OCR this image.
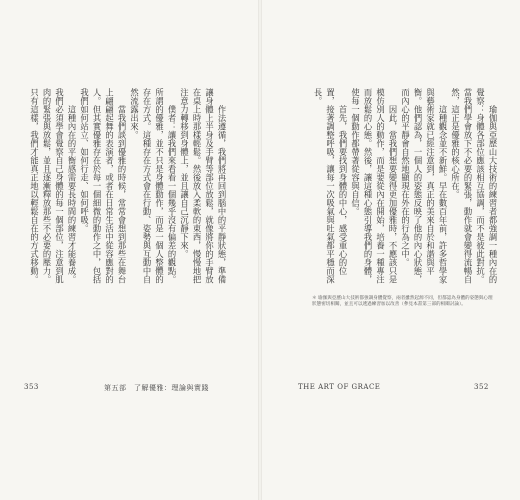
作法遵循，我們將再回到腦中的平靜狀態，準備讓身體上半身及手臂等部位放鬆，就像將你的手臂放在桌上時那樣輕鬆。然後放入柔軟的東西，慢慢地把注意力轉移到身體上，並且讓自己沉靜下來。

僕者：讓我們來看看一個幾乎沒有偏差的觀點。所謂的優雅，並不只是身體動作，而是一個人整體的存在方式。這種存在方式會在行動、姿勢與互動中自然流露出來。

當我們談到優雅的時候，常常會想到那些在舞台上翩翩起舞的表演者，或者在日常生活中從容應對的人。但其實優雅存在於每一個細微的動作之中，包括我們如何站立、如何行走、如何呼吸。

這種內在的平衡感需要長時間的練習才能養成。我們必須學會覺察自己身體的每一個部位，注意到肌肉的緊張與放鬆，並且逐漸釋放那些不必要的壓力。只有這樣，我們才能真正地以輕鬆自在的方式移動。	瑜伽與亞歷山大技術的練習者都強調一種內在的覺察：身體各部位應該相互協調，而不是彼此對抗。當我們學會放下不必要的緊張，動作就會變得流暢自然，這正是優雅的核心所在。

這種觀念並不新鮮。早在數百年前，許多哲學家與藝術家就已經注意到，真正的美來自於和諧與平衡。他們認為，一個人的姿態反映了他的內心狀態，而內心的平靜會自然地顯現在外在的行為之中。

因此，當我們想要變得更加優雅時，不應該只是模仿別人的動作，而是要從內在開始，培養一種專注而放鬆的心態。然後，讓這種心態引導我們的身體，使每一個動作都帶著從容與自信。

首先，我們要找到身體的中心，感受重心的位置，接著調整呼吸，讓每一次吸氣與吐氣都平穩而深長。

＊ 瑜伽與亞歷山大技術都強調身體覺察，兩者雖然起源不同，但都認為身體的姿態與心理狀態密切相關，並且可以透過練習加以改善（參見本書第三部的相關討論）。
353	第五部　了解優雅：理論與實踐	THE ART OF GRACE	352
